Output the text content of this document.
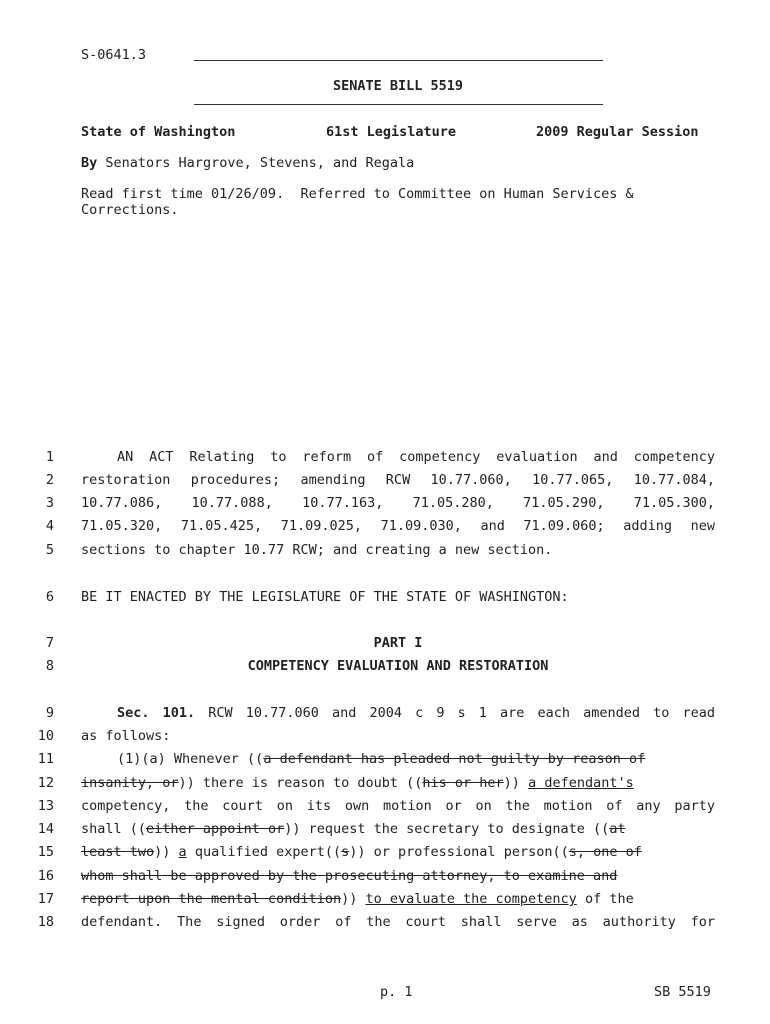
S-0641.3
SENATE BILL 5519
State of Washington	61st Legislature	2009 Regular Session
By Senators Hargrove, Stevens, and Regala
Read first time 01/26/09.  Referred to Committee on Human Services &
Corrections.
1
2
3
4
5
6
7
8
9
10
11
12
13
14
15
16
17
18
AN ACT Relating to reform of competency evaluation and competency
restoration procedures; amending RCW 10.77.060, 10.77.065, 10.77.084,
10.77.086, 10.77.088, 10.77.163, 71.05.280, 71.05.290, 71.05.300,
71.05.320, 71.05.425, 71.09.025, 71.09.030, and 71.09.060; adding new
sections to chapter 10.77 RCW; and creating a new section.
BE IT ENACTED BY THE LEGISLATURE OF THE STATE OF WASHINGTON:
PART I
COMPETENCY EVALUATION AND RESTORATION
Sec. 101. RCW 10.77.060 and 2004 c 9 s 1 are each amended to read
as follows:
(1)(a) Whenever ((a defendant has pleaded not guilty by reason of
insanity, or)) there is reason to doubt ((his or her)) a defendant's
competency, the court on its own motion or on the motion of any party
shall ((either appoint or)) request the secretary to designate ((at
least two)) a qualified expert((s)) or professional person((s, one of
whom shall be approved by the prosecuting attorney, to examine and
report upon the mental condition)) to evaluate the competency of the
defendant. The signed order of the court shall serve as authority for
p. 1	SB 5519
